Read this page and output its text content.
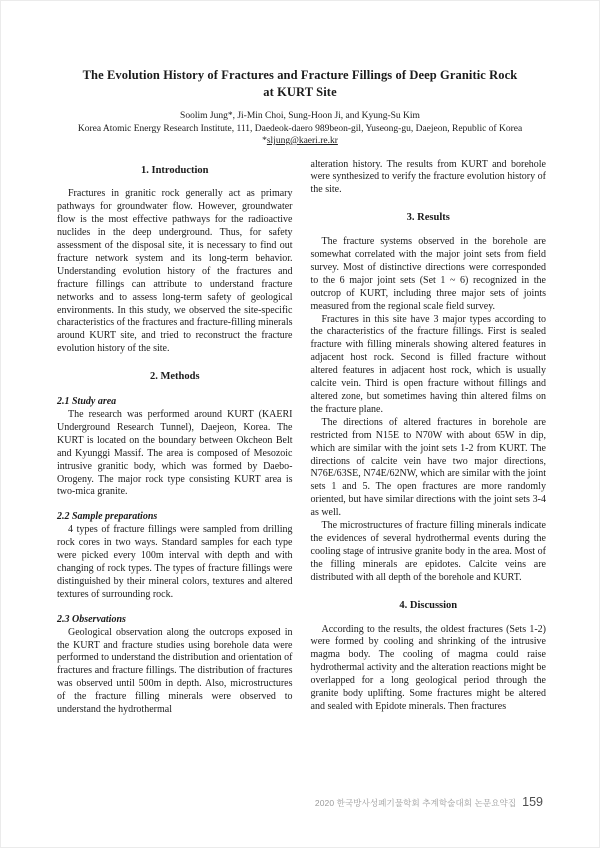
The Evolution History of Fractures and Fracture Fillings of Deep Granitic Rock
at KURT Site
Soolim Jung*, Ji-Min Choi, Sung-Hoon Ji, and Kyung-Su Kim
Korea Atomic Energy Research Institute, 111, Daedeok-daero 989beon-gil, Yuseong-gu, Daejeon, Republic of Korea
*sljung@kaeri.re.kr
1. Introduction

Fractures in granitic rock generally act as primary pathways for groundwater flow. However, groundwater flow is the most effective pathways for the radioactive nuclides in the deep underground. Thus, for safety assessment of the disposal site, it is necessary to find out fracture network system and its long-term behavior. Understanding evolution history of the fractures and fracture fillings can attribute to understand fracture networks and to assess long-term safety of geological environments. In this study, we observed the site-specific characteristics of the fractures and fracture-filling minerals around KURT site, and tried to reconstruct the fracture evolution history of the site.

2. Methods
2.1 Study area

The research was performed around KURT (KAERI Underground Research Tunnel), Daejeon, Korea. The KURT is located on the boundary between Okcheon Belt and Kyunggi Massif. The area is composed of Mesozoic intrusive granitic body, which was formed by Daebo-Orogeny. The major rock type consisting KURT area is two-mica granite.

2.2 Sample preparations

4 types of fracture fillings were sampled from drilling rock cores in two ways. Standard samples for each type were picked every 100m interval with depth and with changing of rock types. The types of fracture fillings were distinguished by their mineral colors, textures and altered textures of surrounding rock.

2.3 Observations

Geological observation along the outcrops exposed in the KURT and fracture studies using borehole data were performed to understand the distribution and orientation of fractures and fracture fillings. The distribution of fractures was observed until 500m in depth. Also, microstructures of the fracture filling minerals were observed to understand the hydrothermal

alteration history. The results from KURT and borehole were synthesized to verify the fracture evolution history of the site.

3. Results

The fracture systems observed in the borehole are somewhat correlated with the major joint sets from field survey. Most of distinctive directions were corresponded to the 6 major joint sets (Set 1 ~ 6) recognized in the outcrop of KURT, including three major sets of joints measured from the regional scale field survey.

Fractures in this site have 3 major types according to the characteristics of the fracture fillings. First is sealed fracture with filling minerals showing altered features in adjacent host rock. Second is filled fracture without altered features in adjacent host rock, which is usually calcite vein. Third is open fracture without fillings and altered zone, but sometimes having thin altered films on the fracture plane.

The directions of altered fractures in borehole are restricted from N15E to N70W with about 65W in dip, which are similar with the joint sets 1-2 from KURT. The directions of calcite vein have two major directions, N76E/63SE, N74E/62NW, which are similar with the joint sets 1 and 5. The open fractures are more randomly oriented, but have similar directions with the joint sets 3-4 as well.

The microstructures of fracture filling minerals indicate the evidences of several hydrothermal events during the cooling stage of intrusive granite body in the area. Most of the filling minerals are epidotes. Calcite veins are distributed with all depth of the borehole and KURT.

4. Discussion

According to the results, the oldest fractures (Sets 1-2) were formed by cooling and shrinking of the intrusive magma body. The cooling of magma could raise hydrothermal activity and the alteration reactions might be overlapped for a long geological period through the granite body uplifting. Some fractures might be altered and sealed with Epidote minerals. Then fractures

2020 한국방사성폐기물학회 추계학술대회 논문요약집 159
